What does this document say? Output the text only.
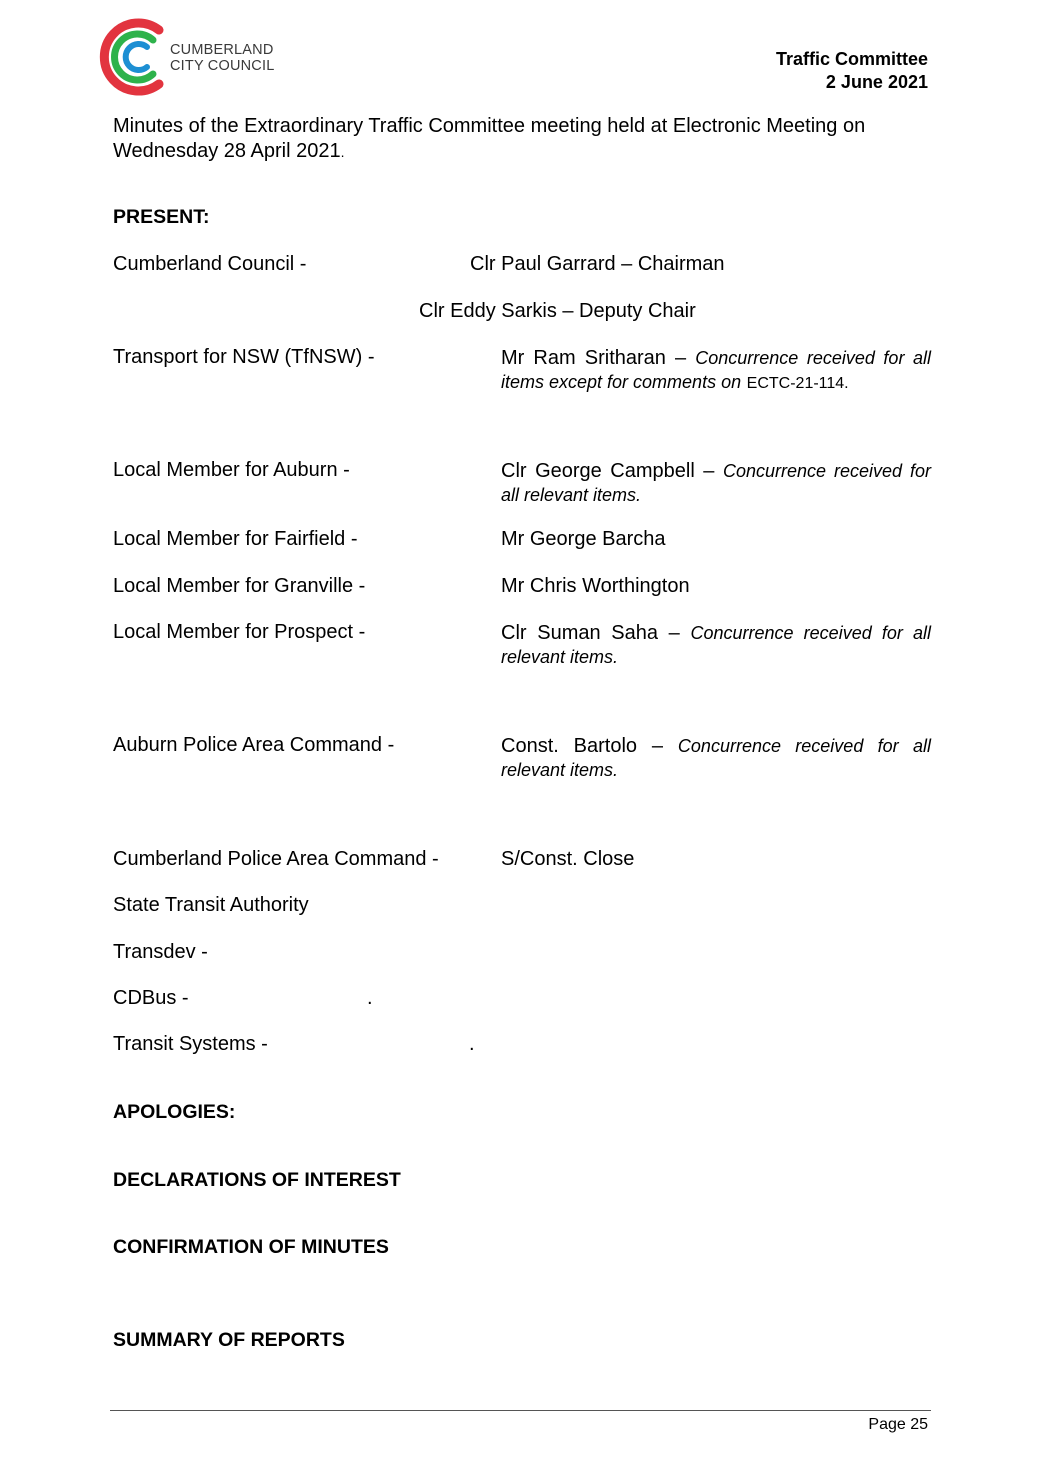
CUMBERLAND
CITY COUNCIL	Traffic Committee
2 June 2021
Minutes of the Extraordinary Traffic Committee meeting held at Electronic Meeting on
Wednesday 28 April 2021.
PRESENT:
Cumberland Council -	Clr Paul Garrard – Chairman
Clr Eddy Sarkis – Deputy Chair
Transport for NSW (TfNSW) -	Mr Ram Sritharan – Concurrence received for all items except for comments on ECTC-21-114.
Local Member for Auburn -	Clr George Campbell – Concurrence received for all relevant items.
Local Member for Fairfield -	Mr George Barcha
Local Member for Granville -	Mr Chris Worthington
Local Member for Prospect -	Clr Suman Saha – Concurrence received for all relevant items.
Auburn Police Area Command -	Const. Bartolo – Concurrence received for all relevant items.
Cumberland Police Area Command -	S/Const. Close
State Transit Authority
Transdev -
CDBus -	.
Transit Systems -	.
APOLOGIES:
DECLARATIONS OF INTEREST
CONFIRMATION OF MINUTES
SUMMARY OF REPORTS
Page 25
